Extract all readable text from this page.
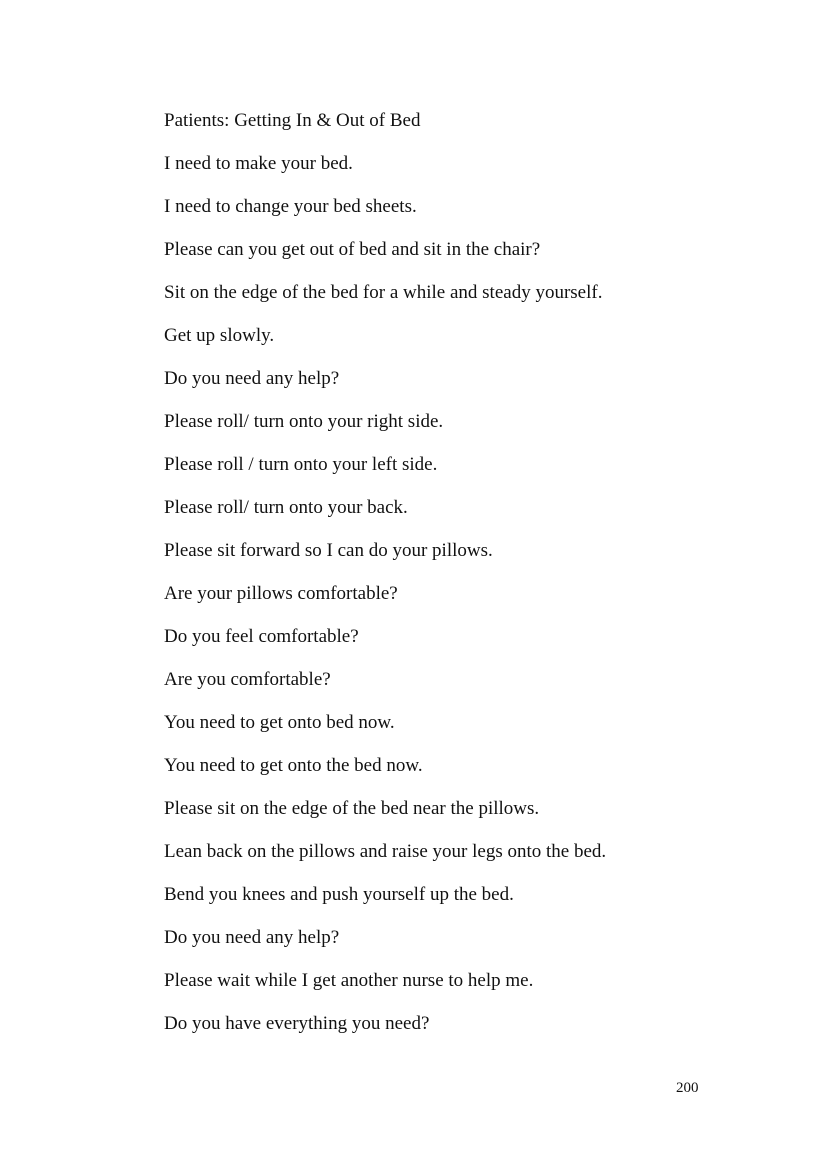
Patients: Getting In & Out of Bed
I need to make your bed.
I need to change your bed sheets.
Please can you get out of bed and sit in the chair?
Sit on the edge of the bed for a while and steady yourself.
Get up slowly.
Do you need any help?
Please roll/ turn onto your right side.
Please roll / turn onto your left side.
Please roll/ turn onto your back.
Please sit forward so I can do your pillows.
Are your pillows comfortable?
Do you feel comfortable?
Are you comfortable?
You need to get onto bed now.
You need to get onto the bed now.
Please sit on the edge of the bed near the pillows.
Lean back on the pillows and raise your legs onto the bed.
Bend you knees and push yourself up the bed.
Do you need any help?
Please wait while I get another nurse to help me.
Do you have everything you need?
200
